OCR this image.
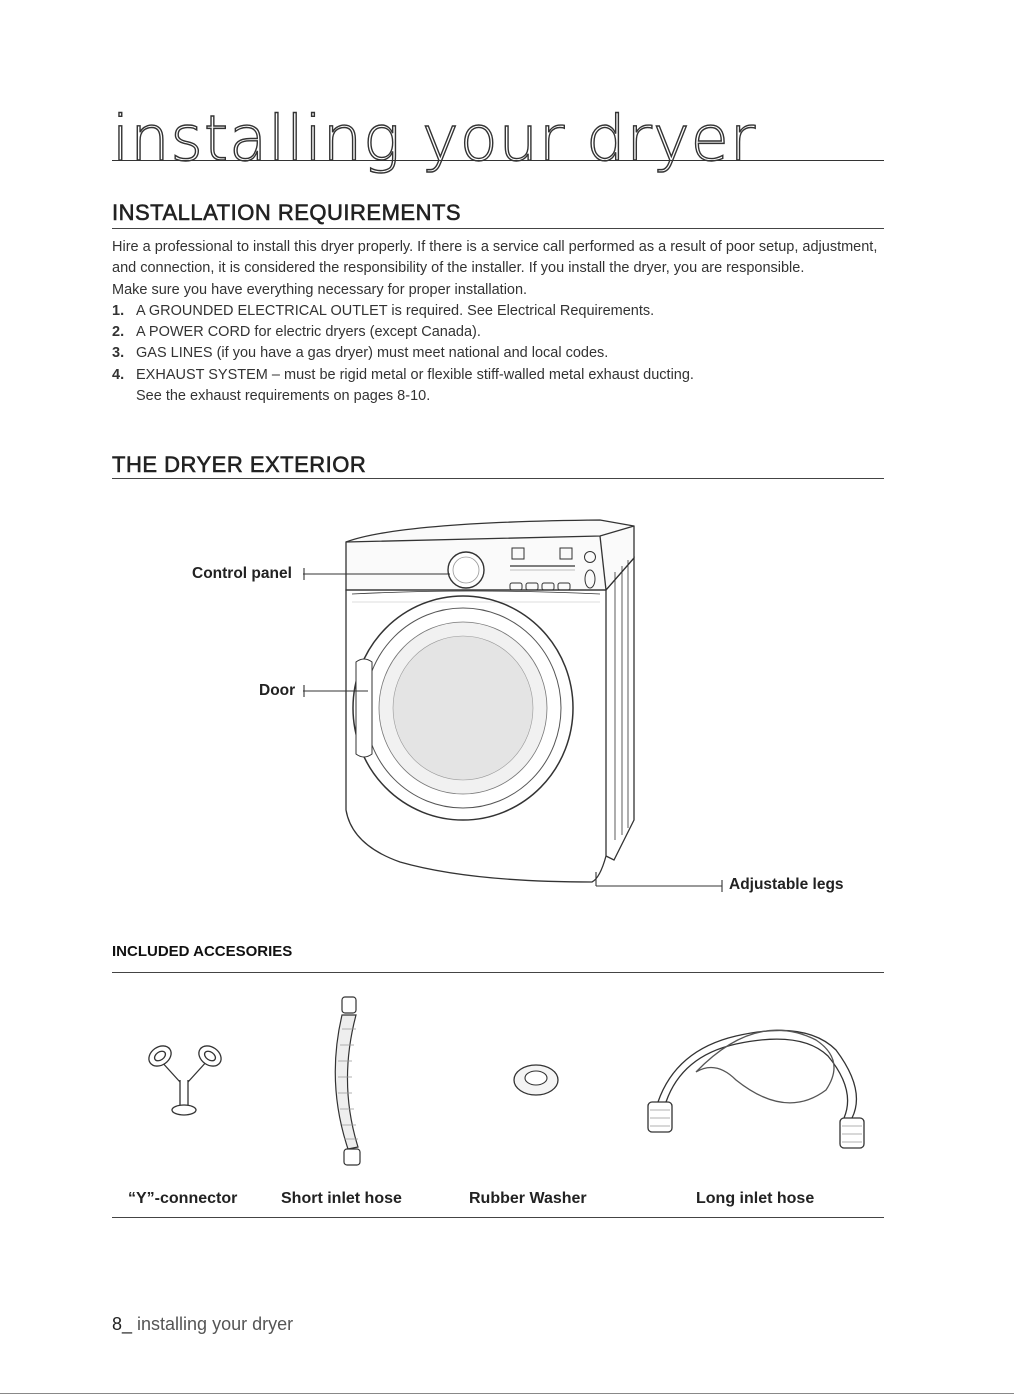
installing your dryer
INSTALLATION REQUIREMENTS

Hire a professional to install this dryer properly. If there is a service call performed as a result of poor setup, adjustment, and connection, it is considered the responsibility of the installer. If you install the dryer, you are responsible.

Make sure you have everything necessary for proper installation.

1. A GROUNDED ELECTRICAL OUTLET is required. See Electrical Requirements.
2. A POWER CORD for electric dryers (except Canada).
3. GAS LINES (if you have a gas dryer) must meet national and local codes.
4. EXHAUST SYSTEM – must be rigid metal or flexible stiff-walled metal exhaust ducting.
See the exhaust requirements on pages 8-10.
THE DRYER EXTERIOR
Control panel
Door
Adjustable legs
INCLUDED ACCESORIES
“Y”-connector	Short inlet hose	Rubber Washer	Long inlet hose
8_ installing your dryer
